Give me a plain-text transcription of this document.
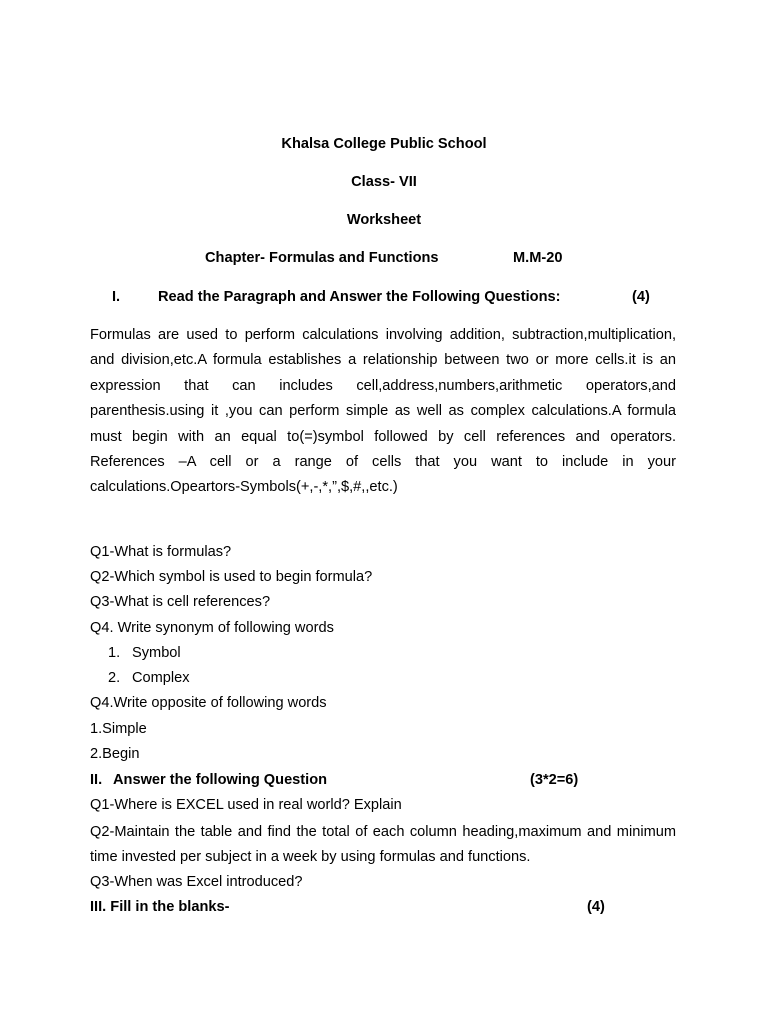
Khalsa College Public School
Class- VII
Worksheet
Chapter- Formulas and Functions	M.M-20
I.	Read the Paragraph and Answer the Following Questions:	(4)
Formulas are used to perform calculations involving addition, subtraction,multiplication, and division,etc.A formula establishes a relationship between two or more cells.it is an expression that can includes cell,address,numbers,arithmetic operators,and parenthesis.using it ,you can perform simple as well as complex calculations.A formula must begin with an equal to(=)symbol followed by cell references and operators. References –A cell or a range of cells that you want to include in your calculations.Opeartors-Symbols(+,-,*,”,$,#,,etc.)
Q1-What is formulas?
Q2-Which symbol is used to begin formula?
Q3-What is cell references?
Q4. Write synonym of following words
1. Symbol
2. Complex
Q4.Write opposite of following words
1.Simple
2.Begin
II. Answer the following Question	(3*2=6)
Q1-Where is EXCEL used in real world? Explain
Q2-Maintain the table and find the total of each column heading,maximum and minimum time invested per subject in a week by using formulas and functions.
Q3-When was Excel introduced?
III. Fill in the blanks-	(4)
